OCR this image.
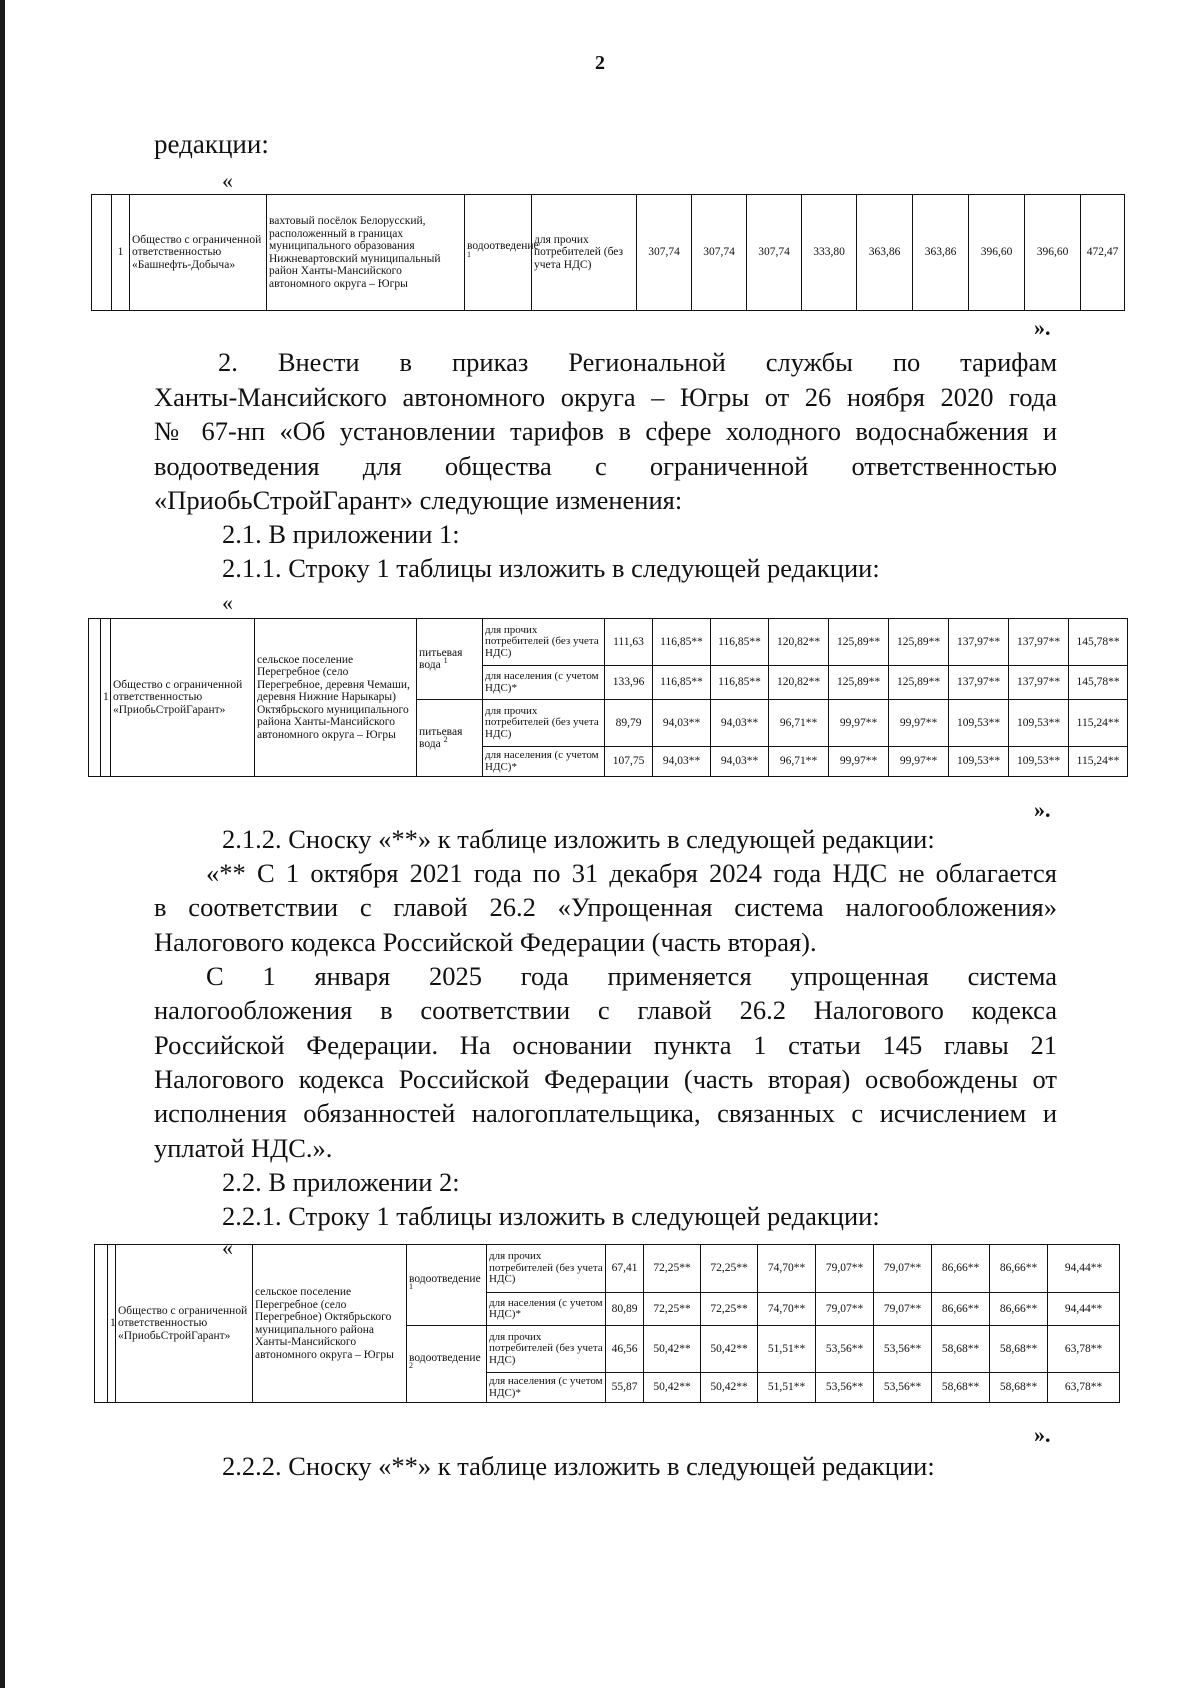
2
редакции:
«
	1	Общество с ограниченной ответственностью «Башнефть-Добыча»	вахтовый посёлок Белорусский, расположенный в границах муниципального образования Нижневартовский муниципальный район Ханты-Мансийского автономного округа – Югры	водоотведение $^1$	для прочих потребителей (без учета НДС)	307,74	307,74	307,74	333,80	363,86	363,86	396,60	396,60	472,47
».
2. Внести в приказ Региональной службы по тарифам
Ханты-Мансийского автономного округа – Югры от 26 ноября 2020 года
№ 67-нп «Об установлении тарифов в сфере холодного водоснабжения и
водоотведения для общества с ограниченной ответственностью
«ПриобьСтройГарант» следующие изменения:
2.1. В приложении 1:
2.1.1. Строку 1 таблицы изложить в следующей редакции:
«
	1	Общество с ограниченной ответственностью «ПриобьСтройГарант»	сельское поселение Перегребное (село Перегребное, деревня Чемаши, деревня Нижние Нарыкары) Октябрьского муниципального района Ханты-Мансийского автономного округа – Югры	питьевая вода $^1$	для прочих потребителей (без учета НДС)	111,63	116,85**	116,85**	120,82**	125,89**	125,89**	137,97**	137,97**	145,78**
					для населения (с учетом НДС)*	133,96	116,85**	116,85**	120,82**	125,89**	125,89**	137,97**	137,97**	145,78**
				питьевая вода $^2$	для прочих потребителей (без учета НДС)	89,79	94,03**	94,03**	96,71**	99,97**	99,97**	109,53**	109,53**	115,24**
					для населения (с учетом НДС)*	107,75	94,03**	94,03**	96,71**	99,97**	99,97**	109,53**	109,53**	115,24**
».
2.1.2. Сноску «**» к таблице изложить в следующей редакции:
«** С 1 октября 2021 года по 31 декабря 2024 года НДС не облагается
в соответствии с главой 26.2 «Упрощенная система налогообложения»
Налогового кодекса Российской Федерации (часть вторая).
С 1 января 2025 года применяется упрощенная система
налогообложения в соответствии с главой 26.2 Налогового кодекса
Российской Федерации. На основании пункта 1 статьи 145 главы 21
Налогового кодекса Российской Федерации (часть вторая) освобождены от
исполнения обязанностей налогоплательщика, связанных с исчислением и
уплатой НДС.».
2.2. В приложении 2:
2.2.1. Строку 1 таблицы изложить в следующей редакции:
«
	1	Общество с ограниченной ответственностью «ПриобьСтройГарант»	сельское поселение Перегребное (село Перегребное) Октябрьского муниципального района Ханты-Мансийского автономного округа – Югры	водоотведение $^1$	для прочих потребителей (без учета НДС)	67,41	72,25**	72,25**	74,70**	79,07**	79,07**	86,66**	86,66**	94,44**
					для населения (с учетом НДС)*	80,89	72,25**	72,25**	74,70**	79,07**	79,07**	86,66**	86,66**	94,44**
				водоотведение $^2$	для прочих потребителей (без учета НДС)	46,56	50,42**	50,42**	51,51**	53,56**	53,56**	58,68**	58,68**	63,78**
					для населения (с учетом НДС)*	55,87	50,42**	50,42**	51,51**	53,56**	53,56**	58,68**	58,68**	63,78**
».
2.2.2. Сноску «**» к таблице изложить в следующей редакции:
